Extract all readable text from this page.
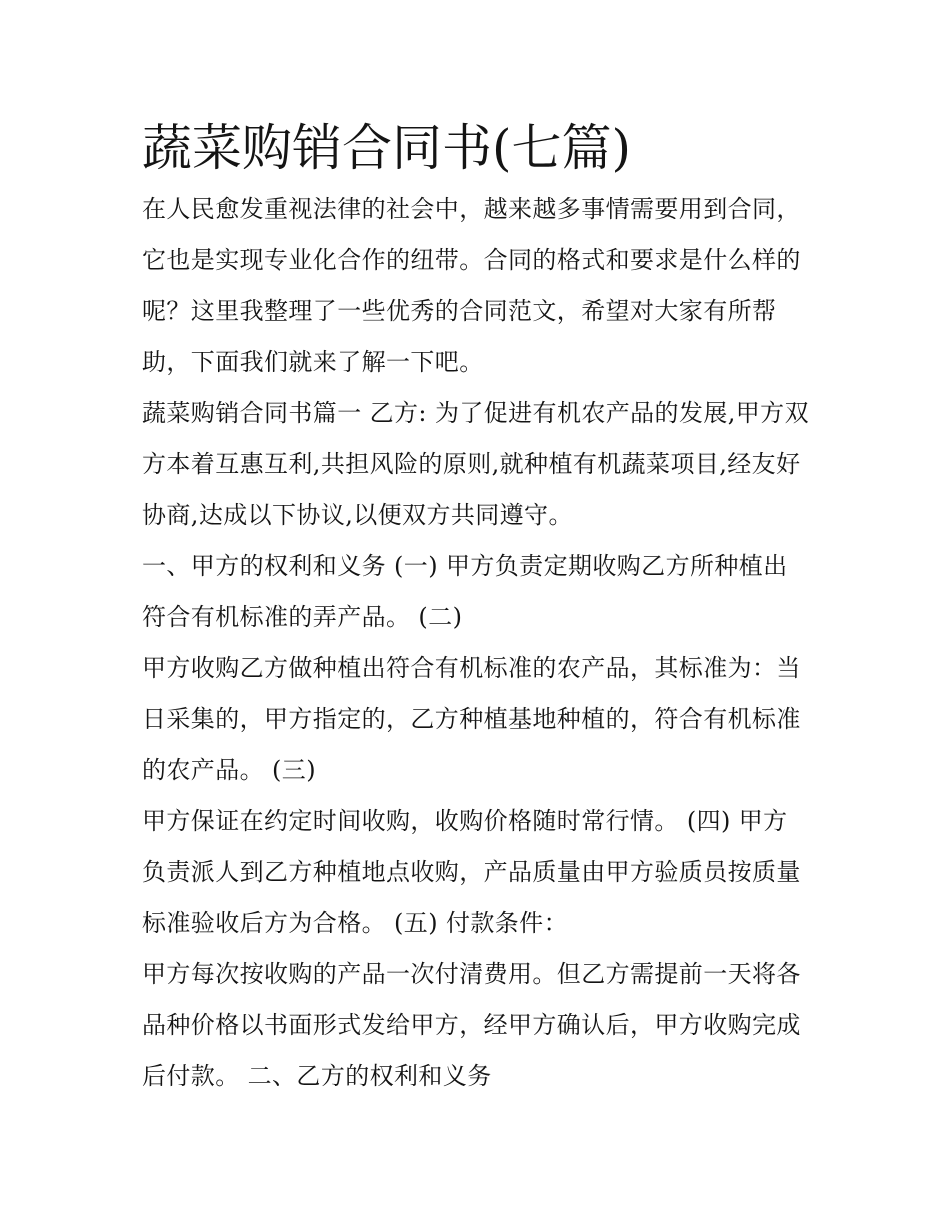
蔬菜购销合同书(七篇)

在人民愈发重视法律的社会中，越来越多事情需要用到合同，
它也是实现专业化合作的纽带。合同的格式和要求是什么样的
呢？这里我整理了一些优秀的合同范文，希望对大家有所帮
助，下面我们就来了解一下吧。

蔬菜购销合同书篇一 乙方: 为了促进有机农产品的发展,甲方双
方本着互惠互利,共担风险的原则,就种植有机蔬菜项目,经友好
协商,达成以下协议,以便双方共同遵守。

一、甲方的权利和义务 (一) 甲方负责定期收购乙方所种植出
符合有机标准的弄产品。 (二)

甲方收购乙方做种植出符合有机标准的农产品，其标准为：当
日采集的，甲方指定的，乙方种植基地种植的，符合有机标准
的农产品。 (三)

甲方保证在约定时间收购，收购价格随时常行情。 (四) 甲方
负责派人到乙方种植地点收购，产品质量由甲方验质员按质量
标准验收后方为合格。 (五) 付款条件：

甲方每次按收购的产品一次付清费用。但乙方需提前一天将各
品种价格以书面形式发给甲方，经甲方确认后，甲方收购完成
后付款。 二、乙方的权利和义务
